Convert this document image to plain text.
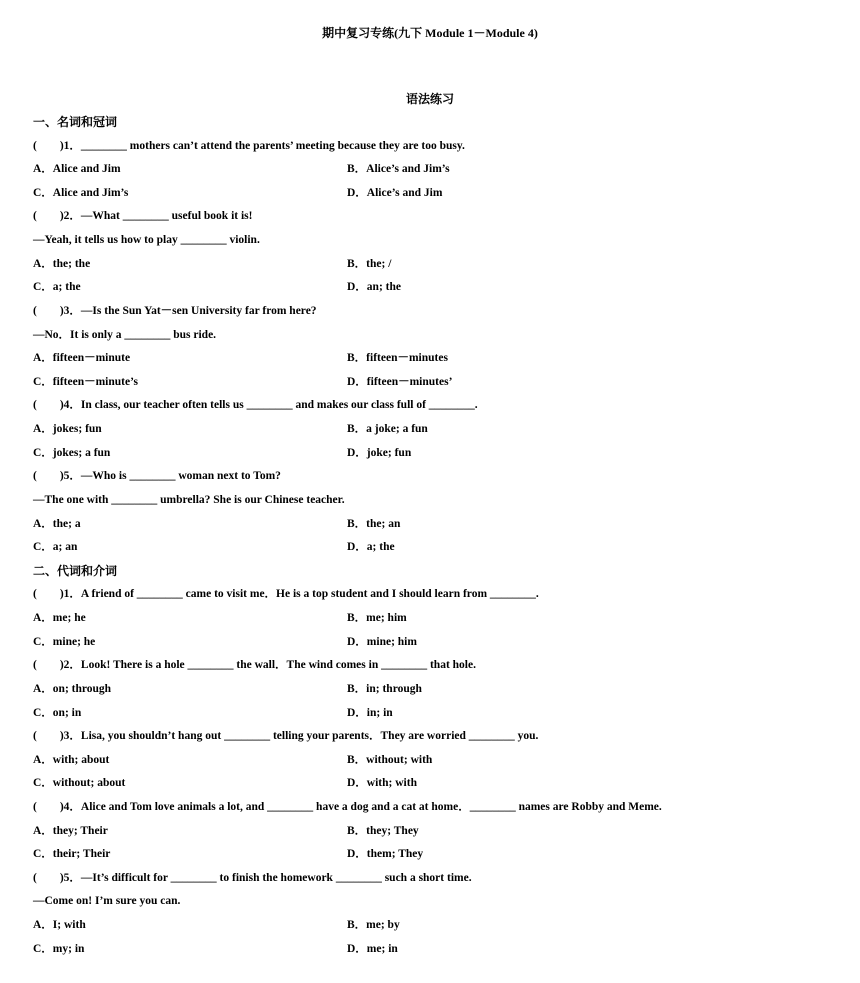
期中复习专练(九下 Module 1－Module 4)
语法练习
一、名词和冠词
(　　)1．________ mothers can’t attend the parents’ meeting because they are too busy.
A．Alice and Jim	B．Alice’s and Jim’s
C．Alice and Jim’s	D．Alice’s and Jim
(　　)2．—What ________ useful book it is!
—Yeah, it tells us how to play ________ violin.
A．the; the	B．the; /
C．a; the	D．an; the
(　　)3．—Is the Sun Yat－sen University far from here?
—No．It is only a ________ bus ride.
A．fifteen－minute	B．fifteen－minutes
C．fifteen－minute’s	D．fifteen－minutes’
(　　)4．In class, our teacher often tells us ________ and makes our class full of ________.
A．jokes; fun	B．a joke; a fun
C．jokes; a fun	D．joke; fun
(　　)5．—Who is ________ woman next to Tom?
—The one with ________ umbrella? She is our Chinese teacher.
A．the; a	B．the; an
C．a; an	D．a; the
二、代词和介词
(　　)1．A friend of ________ came to visit me．He is a top student and I should learn from ________.
A．me; he	B．me; him
C．mine; he	D．mine; him
(　　)2．Look! There is a hole ________ the wall．The wind comes in ________ that hole.
A．on; through	B．in; through
C．on; in	D．in; in
(　　)3．Lisa, you shouldn’t hang out ________ telling your parents．They are worried ________ you.
A．with; about	B．without; with
C．without; about	D．with; with
(　　)4．Alice and Tom love animals a lot, and ________ have a dog and a cat at home．________ names are Robby and Meme.
A．they; Their	B．they; They
C．their; Their	D．them; They
(　　)5．—It’s difficult for ________ to finish the homework ________ such a short time.
—Come on! I’m sure you can.
A．I; with	B．me; by
C．my; in	D．me; in
